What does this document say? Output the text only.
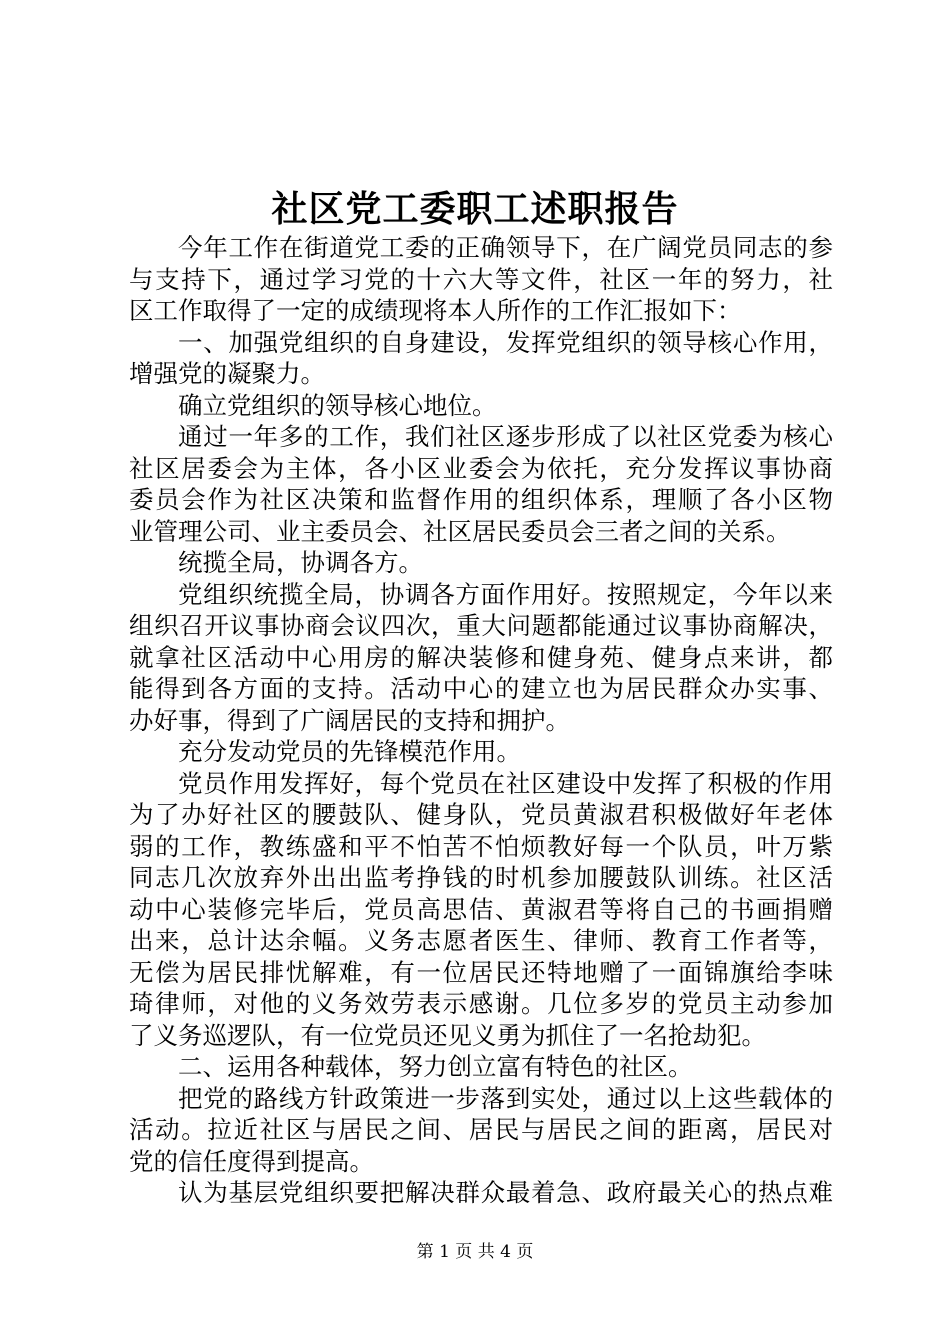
社区党工委职工述职报告
今年工作在街道党工委的正确领导下，在广阔党员同志的参
与支持下，通过学习党的十六大等文件，社区一年的努力，社
区工作取得了一定的成绩现将本人所作的工作汇报如下：
一、加强党组织的自身建设，发挥党组织的领导核心作用，
增强党的凝聚力。
确立党组织的领导核心地位。
通过一年多的工作，我们社区逐步形成了以社区党委为核心
社区居委会为主体，各小区业委会为依托，充分发挥议事协商
委员会作为社区决策和监督作用的组织体系，理顺了各小区物
业管理公司、业主委员会、社区居民委员会三者之间的关系。
统揽全局，协调各方。
党组织统揽全局，协调各方面作用好。按照规定，今年以来
组织召开议事协商会议四次，重大问题都能通过议事协商解决，
就拿社区活动中心用房的解决装修和健身苑、健身点来讲，都
能得到各方面的支持。活动中心的建立也为居民群众办实事、
办好事，得到了广阔居民的支持和拥护。
充分发动党员的先锋模范作用。
党员作用发挥好，每个党员在社区建设中发挥了积极的作用
为了办好社区的腰鼓队、健身队，党员黄淑君积极做好年老体
弱的工作，教练盛和平不怕苦不怕烦教好每一个队员，叶万紫
同志几次放弃外出出监考挣钱的时机参加腰鼓队训练。社区活
动中心装修完毕后，党员高思佶、黄淑君等将自己的书画捐赠
出来，总计达余幅。义务志愿者医生、律师、教育工作者等，
无偿为居民排忧解难，有一位居民还特地赠了一面锦旗给李味
琦律师，对他的义务效劳表示感谢。几位多岁的党员主动参加
了义务巡逻队，有一位党员还见义勇为抓住了一名抢劫犯。
二、运用各种载体，努力创立富有特色的社区。
把党的路线方针政策进一步落到实处，通过以上这些载体的
活动。拉近社区与居民之间、居民与居民之间的距离，居民对
党的信任度得到提高。
认为基层党组织要把解决群众最着急、政府最关心的热点难
第 1 页 共 4 页
